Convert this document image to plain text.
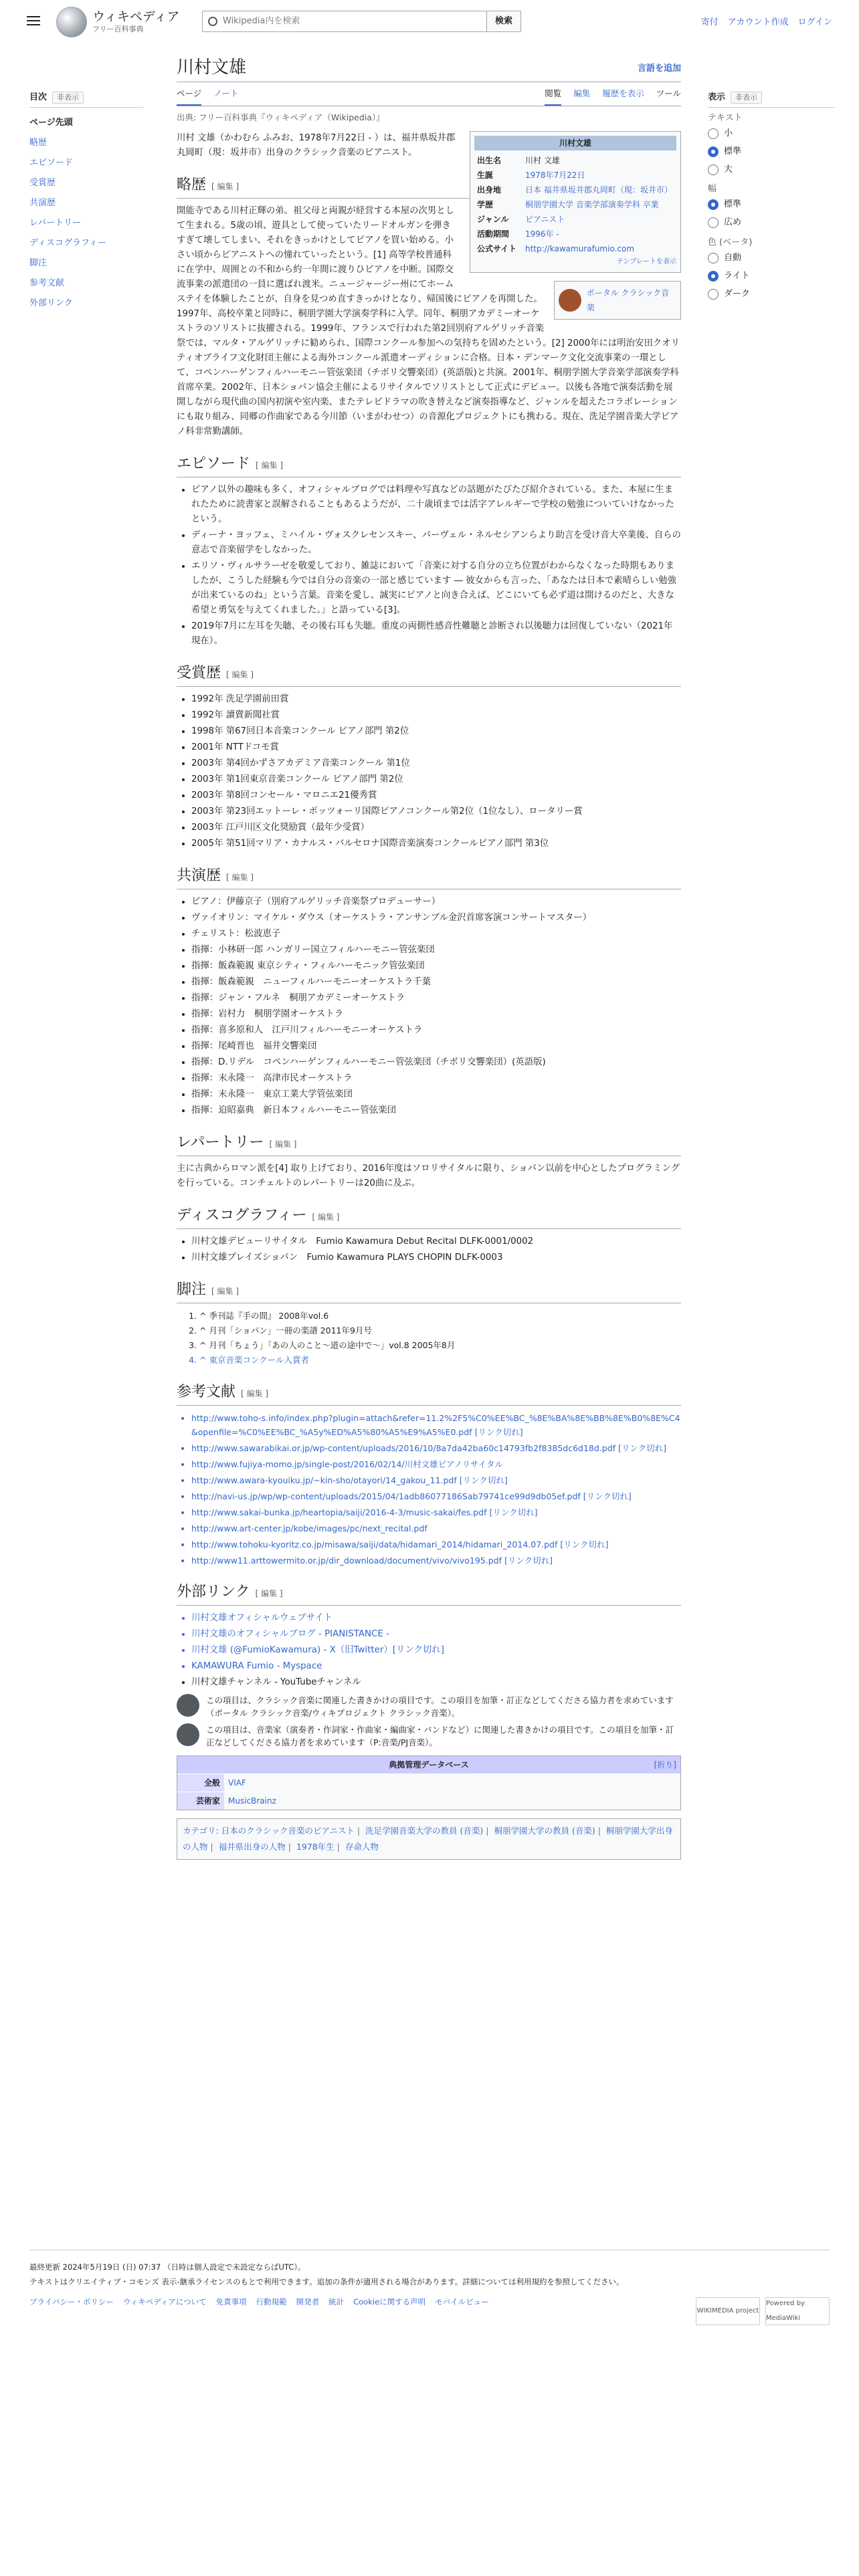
ウィキペディア
フリー百科事典
Wikipedia内を検索	検索	寄付 アカウント作成 ログイン
目次	非表示
ページ先頭
略歴
エピソード
受賞歴
共演歴
レパートリー
ディスコグラフィー
脚注
参考文献
外部リンク
表示	非表示
テキスト
小
標準
大
幅
標準
広め
色 (ベータ)
自動
ライト
ダーク
川村文雄	言語を追加
ページ ノート	閲覧 編集 履歴を表示 ツール
出典: フリー百科事典『ウィキペディア（Wikipedia）』
川村文雄
出生名	川村 文雄
生誕	1978年7月22日
出身地	日本 福井県坂井郡丸岡町（現：坂井市）
学歴	桐朋学園大学 音楽学部演奏学科 卒業
ジャンル	ピアニスト
活動期間	1996年 -
公式サイト	http://kawamurafumio.com
テンプレートを表示

川村 文雄（かわむら ふみお、1978年7月22日 - ）は、福井県坂井郡丸岡町（現：坂井市）出身のクラシック音楽のピアニスト。

略歴 [ 編集 ]
ポータル クラシック音楽

開能寺である川村正輝の弟。祖父母と両親が経営する本屋の次男として生まれる。5歳の頃、遊具として使っていたリードオルガンを弾きすぎて壊してしまい、それをきっかけとしてピアノを買い始める。小さい頃からピアニストへの憧れていったという。[1] 高等学校普通科に在学中、周囲との不和から約一年間に渡りひピアノを中断。国際交流事業の派遣団の一員に選ばれ渡米。ニュージャージー州にてホームステイを体験したことが、自身を見つめ直すきっかけとなり、帰国後にピアノを再開した。1997年、高校卒業と同時に、桐朋学園大学演奏学科に入学。同年、桐朋アカデミーオーケストラのソリストに抜擢される。1999年、フランスで行われた第2回別府アルゲリッチ音楽祭では、マルタ・アルゲリッチに勧められ、国際コンクール参加への気持ちを固めたという。[2] 2000年には明治安田クオリティオブライフ文化財団主催による海外コンクール派遣オーディションに合格。日本・デンマーク文化交流事業の一環として、コペンハーゲンフィルハーモニー管弦楽団（チボリ交響楽団）(英語版)と共演。2001年、桐朋学園大学音楽学部演奏学科首席卒業。2002年、日本ショパン協会主催によるリサイタルでソリストとして正式にデビュー。以後も各地で演奏活動を展開しながら現代曲の国内初演や室内楽、またテレビドラマの吹き替えなど演奏指導など、ジャンルを超えたコラボレーションにも取り組み、同郷の作曲家である今川節（いまがわせつ）の音源化プロジェクトにも携わる。現在、洗足学園音楽大学ピアノ科非常勤講師。

エピソード [ 編集 ]
• ピアノ以外の趣味も多く、オフィシャルブログでは料理や写真などの話題がたびたび紹介されている。また、本屋に生まれたために読書家と誤解されることもあるようだが、二十歳頃までは活字アレルギーで学校の勉強についていけなかったという。
• ディーナ・ヨッフェ、ミハイル・ヴォスクレセンスキー、パーヴェル・ネルセシアンらより助言を受け音大卒業後、自らの意志で音楽留学をしなかった。
• エリソ・ヴィルサラーゼを敬愛しており、雑誌において「音楽に対する自分の立ち位置がわからなくなった時期もありましたが、こうした経験も今では自分の音楽の一部と感じています ― 彼女からも言った、「あなたは日本で素晴らしい勉強が出来ているのね」という言葉。音楽を愛し、誠実にピアノと向き合えば、どこにいても必ず道は開けるのだと、大きな希望と勇気を与えてくれました。」と語っている[3]。
• 2019年7月に左耳を失聴、その後右耳も失聴。重度の両側性感音性難聴と診断され以後聴力は回復していない（2021年現在）。
受賞歴 [ 編集 ]
• 1992年 洗足学園前田賞
• 1992年 讀賣新聞社賞
• 1998年 第67回日本音楽コンクール ピアノ部門 第2位
• 2001年 NTTドコモ賞
• 2003年 第4回かずさアカデミア音楽コンクール 第1位
• 2003年 第1回東京音楽コンクール ピアノ部門 第2位
• 2003年 第8回コンセール・マロニエ21優秀賞
• 2003年 第23回エットーレ・ポッツォーリ国際ピアノコンクール第2位（1位なし）、ロータリー賞
• 2003年 江戸川区文化奨励賞（最年少受賞）
• 2005年 第51回マリア・カナルス・バルセロナ国際音楽演奏コンクールピアノ部門 第3位
共演歴 [ 編集 ]
• ピアノ：伊藤京子（別府アルゲリッチ音楽祭プロデューサー）
• ヴァイオリン：マイケル・ダウス（オーケストラ・アンサンブル金沢首席客演コンサートマスター）
• チェリスト：松波恵子
• 指揮：小林研一郎 ハンガリー国立フィルハーモニー管弦楽団
• 指揮：飯森範親 東京シティ・フィルハーモニック管弦楽団
• 指揮：飯森範親　ニューフィルハーモニーオーケストラ千葉
• 指揮：ジャン・フルネ　桐朋アカデミーオーケストラ
• 指揮：岩村力　桐朋学園オーケストラ
• 指揮：喜多原和人　江戸川フィルハーモニーオーケストラ
• 指揮：尾崎晋也　福井交響楽団
• 指揮：D.リデル　コペンハーゲンフィルハーモニー管弦楽団（チボリ交響楽団）(英語版)
• 指揮：末永隆一　高津市民オーケストラ
• 指揮：末永隆一　東京工業大学管弦楽団
• 指揮：迫昭嘉典　新日本フィルハーモニー管弦楽団
レパートリー [ 編集 ]

主に古典からロマン派を[4] 取り上げており、2016年度はソロリサイタルに限り、ショパン以前を中心としたプログラミングを行っている。コンチェルトのレパートリーは20曲に及ぶ。

ディスコグラフィー [ 編集 ]
• 川村文雄デビューリサイタル　Fumio Kawamura Debut Recital DLFK-0001/0002
• 川村文雄プレイズショパン　Fumio Kawamura PLAYS CHOPIN DLFK-0003
脚注 [ 編集 ]
1. ^ 季刊誌『手の間』 2008年vol.6
2. ^ 月刊「ショパン」一冊の楽譜 2011年9月号
3. ^ 月刊「ちょう」「あの人のこと〜道の途中で〜」vol.8 2005年8月
4. ^ 東京音楽コンクール入賞者
参考文献 [ 編集 ]
• http://www.toho-s.info/index.php?plugin=attach&refer=11.2%2F5%C0%EE%BC_%8E%BA%8E%BB%8E%B0%8E%C4&openfile=%C0%EE%BC_%A5y%ED%A5%80%A5%E9%A5%E0.pdf [リンク切れ]
• http://www.sawarabikai.or.jp/wp-content/uploads/2016/10/8a7da42ba60c14793fb2f8385dc6d18d.pdf [リンク切れ]
• http://www.fujiya-momo.jp/single-post/2016/02/14/川村文雄ピアノリサイタル
• http://www.awara-kyouiku.jp/~kin-sho/otayori/14_gakou_11.pdf [リンク切れ]
• http://navi-us.jp/wp/wp-content/uploads/2015/04/1adb86077186Sab79741ce99d9db05ef.pdf [リンク切れ]
• http://www.sakai-bunka.jp/heartopia/saiji/2016-4-3/music-sakai/fes.pdf [リンク切れ]
• http://www.art-center.jp/kobe/images/pc/next_recital.pdf
• http://www.tohoku-kyoritz.co.jp/misawa/saiji/data/hidamari_2014/hidamari_2014.07.pdf [リンク切れ]
• http://www11.arttowermito.or.jp/dir_download/document/vivo/vivo195.pdf [リンク切れ]
外部リンク [ 編集 ]
• 川村文雄オフィシャルウェブサイト
• 川村文雄のオフィシャルブログ - PIANISTANCE -
• 川村文雄 (@FumioKawamura) - X（旧Twitter）[リンク切れ]
• KAMAWURA Fumio - Myspace
• 川村文雄チャンネル - YouTubeチャンネル
この項目は、クラシック音楽に関連した書きかけの項目です。この項目を加筆・訂正などしてくださる協力者を求めています（ポータル クラシック音楽/ウィキプロジェクト クラシック音楽）。
この項目は、音楽家（演奏者・作詞家・作曲家・編曲家・バンドなど）に関連した書きかけの項目です。この項目を加筆・訂正などしてくださる協力者を求めています（P:音楽/PJ音楽）。
典拠管理データベース	[折り]
全般	VIAF
芸術家	MusicBrainz
カテゴリ: 日本のクラシック音楽のピアニスト | 洗足学園音楽大学の教員 (音楽) | 桐朋学園大学の教員 (音楽) | 桐朋学園大学出身の人物 | 福井県出身の人物 | 1978年生 | 存命人物
最終更新 2024年5月19日 (日) 07:37 （日時は個人設定で未設定ならばUTC）。
テキストはクリエイティブ・コモンズ 表示-継承ライセンスのもとで利用できます。追加の条件が適用される場合があります。詳細については利用規約を参照してください。
プライバシー・ポリシー ウィキペディアについて 免責事項 行動規範 開発者 統計 Cookieに関する声明 モバイルビュー
WIKIMEDIA project
Powered by MediaWiki
